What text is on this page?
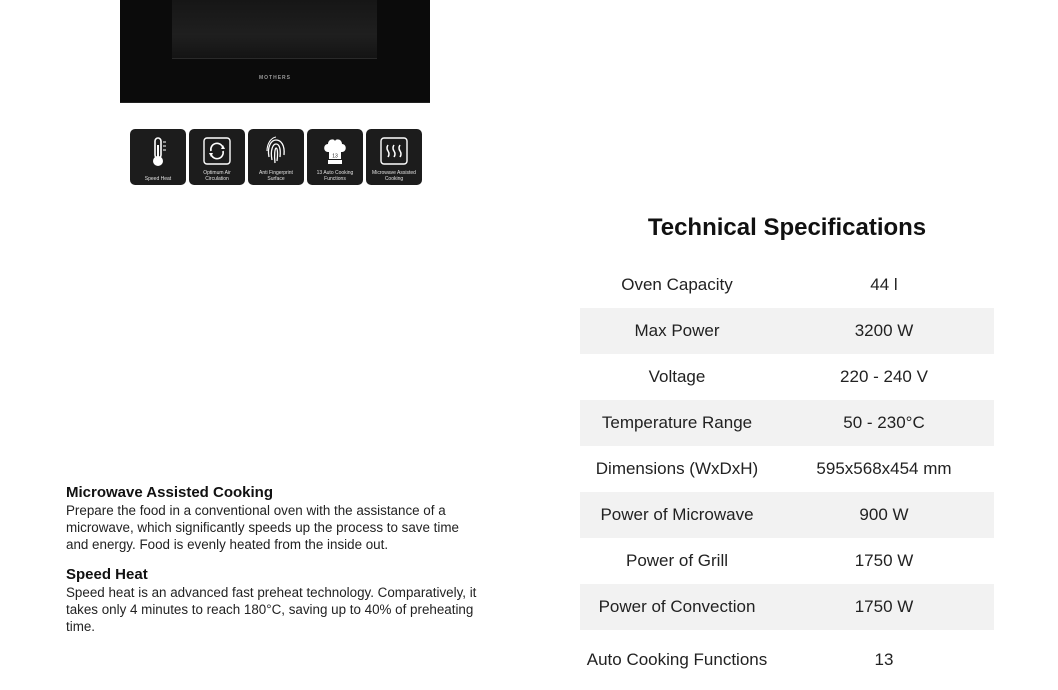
MOTHERS
Speed Heat
Optimum Air Circulation
Anti Fingerprint Surface
13
13 Auto Cooking Functions
Microwave Assisted Cooking
Microwave Assisted Cooking

Prepare the food in a conventional oven with the assistance of a microwave, which significantly speeds up the process to save time and energy. Food is evenly heated from the inside out.

Speed Heat

Speed heat is an advanced fast preheat technology. Comparatively, it takes only 4 minutes to reach 180°C, saving up to 40% of preheating time.

Technical Specifications
Oven Capacity	44 l
Max Power	3200 W
Voltage	220 - 240 V
Temperature Range	50 - 230°C
Dimensions (WxDxH)	595x568x454 mm
Power of Microwave	900 W
Power of Grill	1750 W
Power of Convection	1750 W
Auto Cooking Functions	13
